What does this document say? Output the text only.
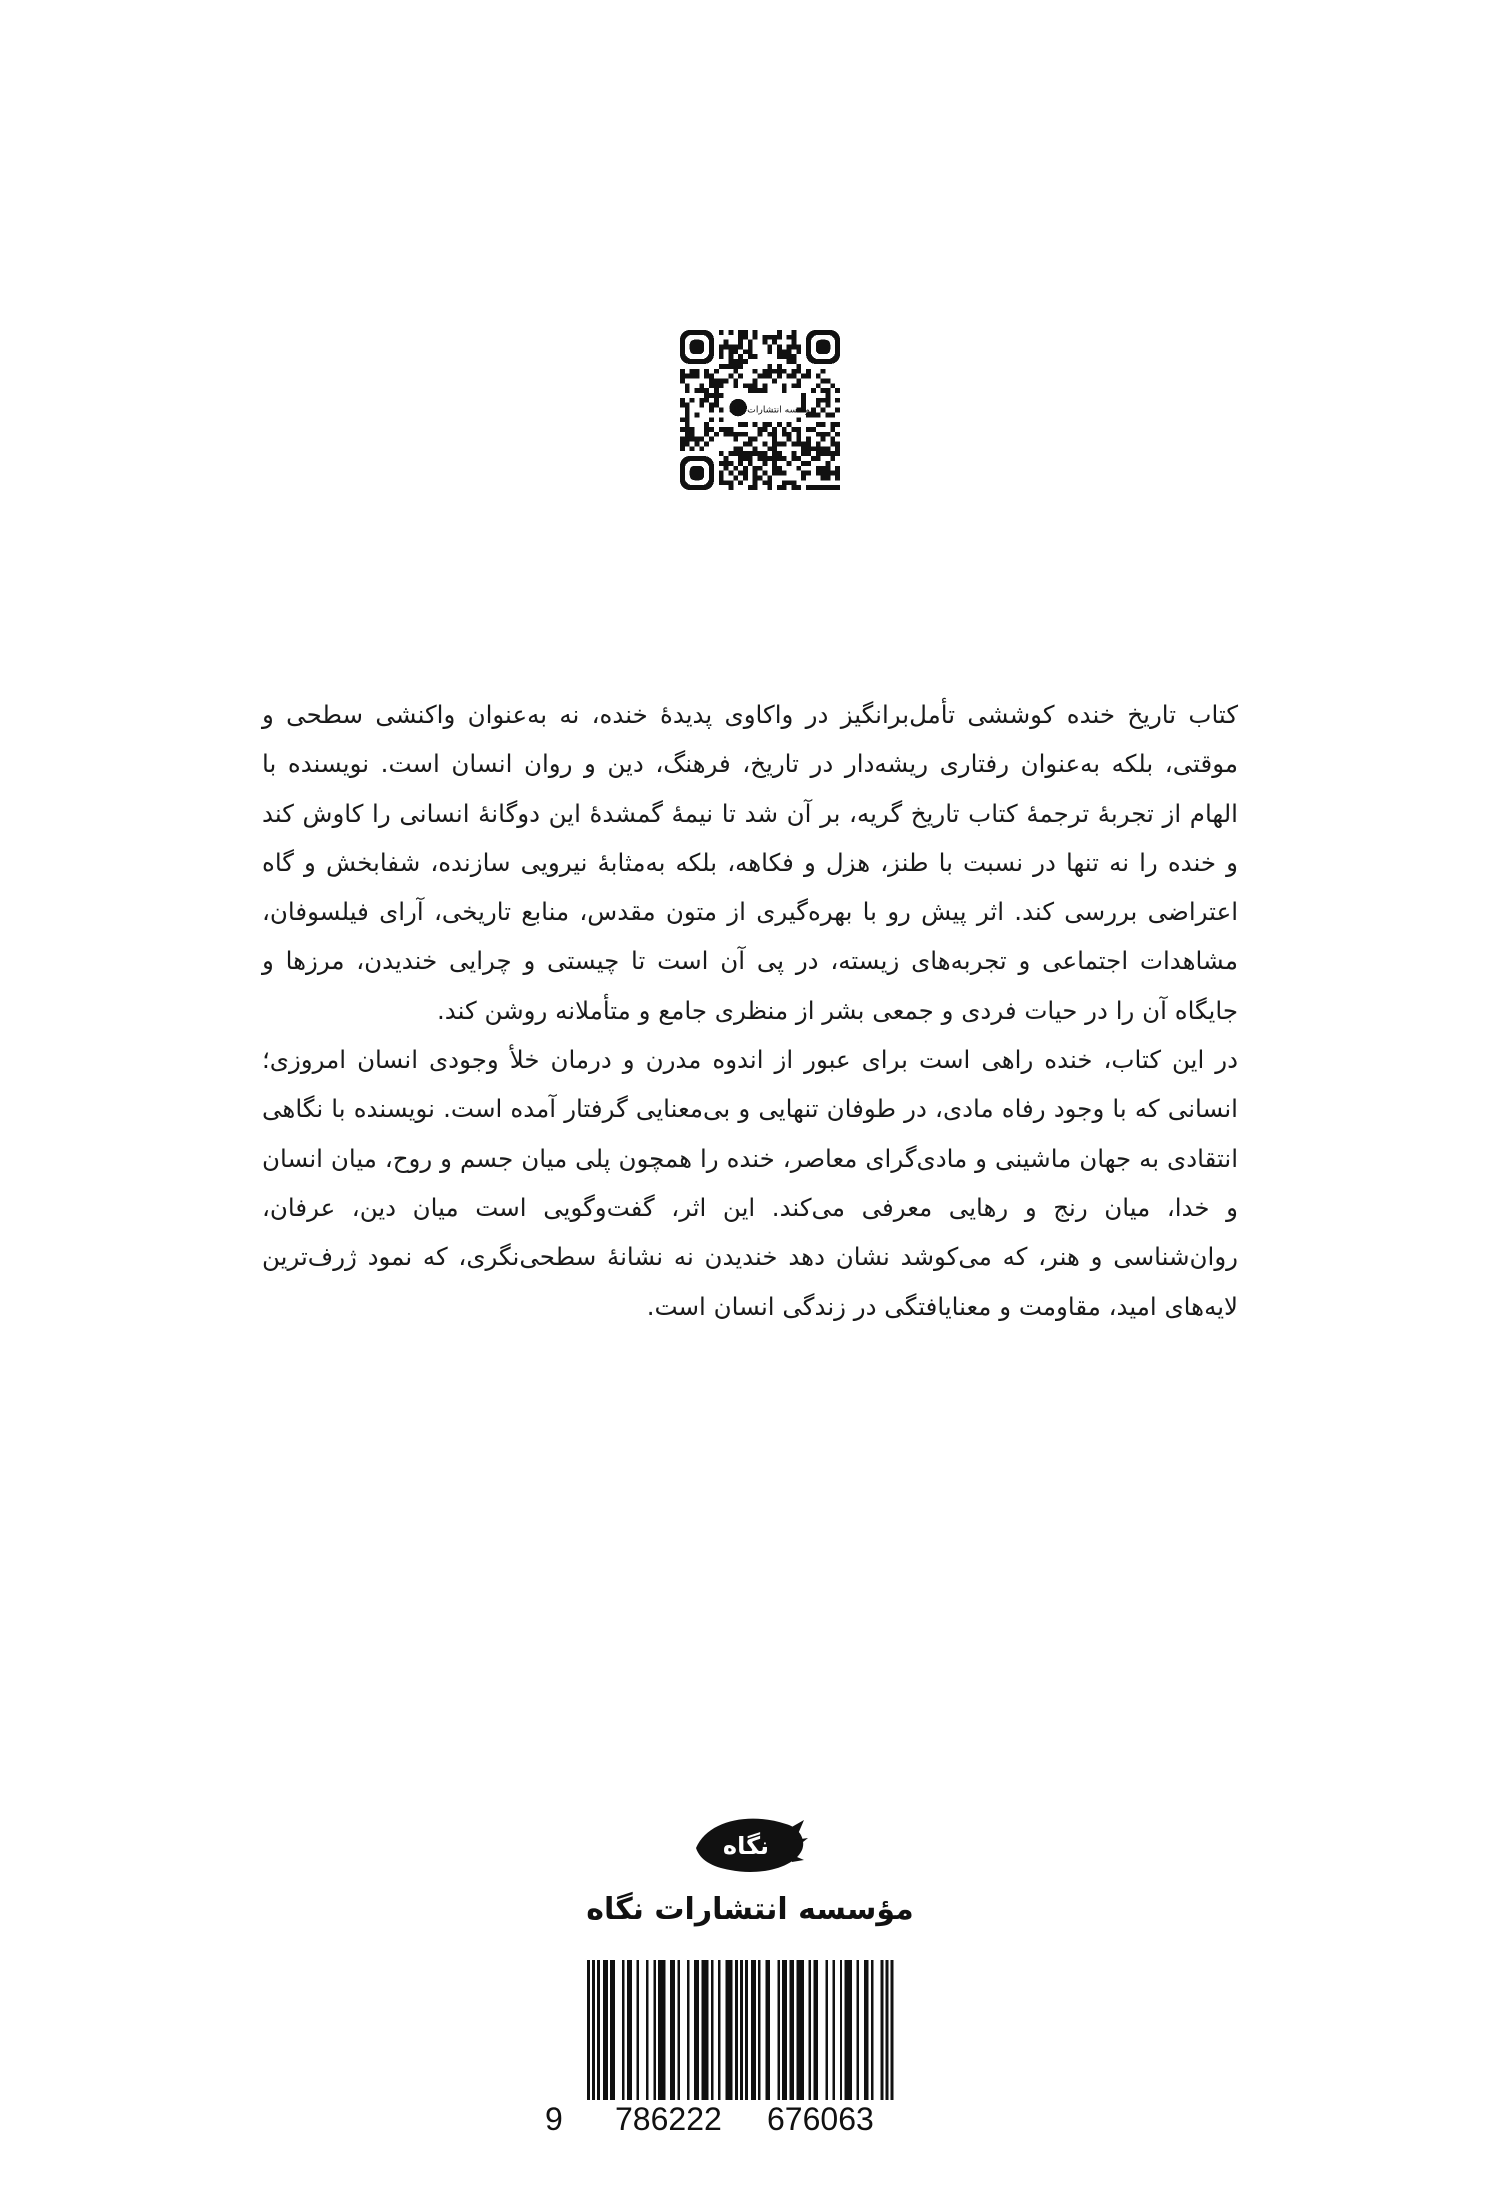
موسسه انتشارات نگاه

کتاب تاریخ خنده کوششی تأمل‌برانگیز در واکاوی پدیدهٔ خنده، نه به‌عنوان واکنشی سطحی و موقتی، بلکه به‌عنوان رفتاری ریشه‌دار در تاریخ، فرهنگ، دین و روان انسان است. نویسنده با الهام از تجربهٔ ترجمهٔ کتاب تاریخ گریه، بر آن شد تا نیمهٔ گمشدهٔ این دوگانهٔ انسانی را کاوش کند و خنده را نه تنها در نسبت با طنز، هزل و فکاهه، بلکه به‌مثابهٔ نیرویی سازنده، شفابخش و گاه اعتراضی بررسی کند. اثر پیش رو با بهره‌گیری از متون مقدس، منابع تاریخی، آرای فیلسوفان، مشاهدات اجتماعی و تجربه‌های زیسته، در پی آن است تا چیستی و چرایی خندیدن، مرزها و جایگاه آن را در حیات فردی و جمعی بشر از منظری جامع و متأملانه روشن کند.

در این کتاب، خنده راهی است برای عبور از اندوه مدرن و درمان خلأ وجودی انسان امروزی؛ انسانی که با وجود رفاه مادی، در طوفان تنهایی و بی‌معنایی گرفتار آمده است. نویسنده با نگاهی انتقادی به جهان ماشینی و مادی‌گرای معاصر، خنده را همچون پلی میان جسم و روح، میان انسان و خدا، میان رنج و رهایی معرفی می‌کند. این اثر، گفت‌وگویی است میان دین، عرفان، روان‌شناسی و هنر، که می‌کوشد نشان دهد خندیدن نه نشانهٔ سطحی‌نگری، که نمود ژرف‌ترین لایه‌های امید، مقاومت و معنایافتگی در زندگی انسان است.

نگاه
مؤسسه انتشارات نگاه
9 786222 676063
